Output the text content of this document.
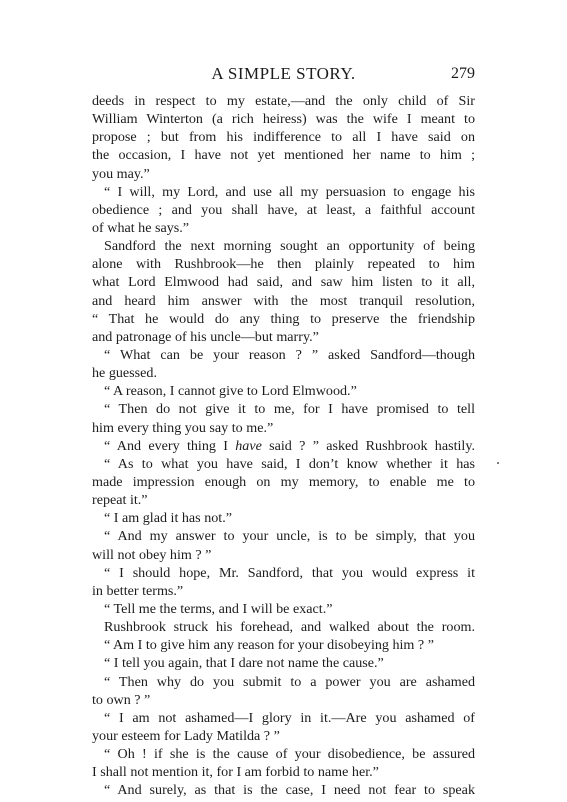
A SIMPLE STORY.	279
deeds in respect to my estate,—and the only child of Sir
William Winterton (a rich heiress) was the wife I meant to
propose ; but from his indifference to all I have said on
the occasion, I have not yet mentioned her name to him ;
you may.”
“ I will, my Lord, and use all my persuasion to engage his
obedience ; and you shall have, at least, a faithful account
of what he says.”
Sandford the next morning sought an opportunity of being
alone with Rushbrook—he then plainly repeated to him
what Lord Elmwood had said, and saw him listen to it all,
and heard him answer with the most tranquil resolution,
“ That he would do any thing to preserve the friendship
and patronage of his uncle—but marry.”
“ What can be your reason ? ” asked Sandford—though
he guessed.
“ A reason, I cannot give to Lord Elmwood.”
“ Then do not give it to me, for I have promised to tell
him every thing you say to me.”
“ And every thing I have said ? ” asked Rushbrook hastily.
“ As to what you have said, I don’t know whether it has
made impression enough on my memory, to enable me to
repeat it.”
“ I am glad it has not.”
“ And my answer to your uncle, is to be simply, that you
will not obey him ? ”
“ I should hope, Mr. Sandford, that you would express it
in better terms.”
“ Tell me the terms, and I will be exact.”
Rushbrook struck his forehead, and walked about the room.
“ Am I to give him any reason for your disobeying him ? ”
“ I tell you again, that I dare not name the cause.”
“ Then why do you submit to a power you are ashamed
to own ? ”
“ I am not ashamed—I glory in it.—Are you ashamed of
your esteem for Lady Matilda ? ”
“ Oh ! if she is the cause of your disobedience, be assured
I shall not mention it, for I am forbid to name her.”
“ And surely, as that is the case, I need not fear to speak
